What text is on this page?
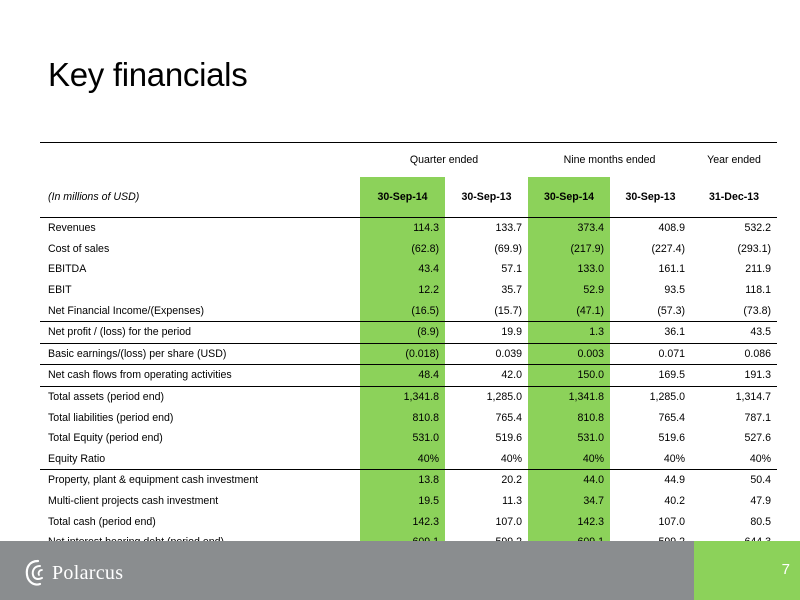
Key financials
	Quarter ended		Nine months ended		Year ended
(In millions of USD)	30-Sep-14	30-Sep-13	30-Sep-14	30-Sep-13	31-Dec-13
Revenues	114.3	133.7	373.4	408.9	532.2
Cost of sales	(62.8)	(69.9)	(217.9)	(227.4)	(293.1)
EBITDA	43.4	57.1	133.0	161.1	211.9
EBIT	12.2	35.7	52.9	93.5	118.1
Net Financial Income/(Expenses)	(16.5)	(15.7)	(47.1)	(57.3)	(73.8)
Net profit / (loss) for the period	(8.9)	19.9	1.3	36.1	43.5
Basic earnings/(loss) per share (USD)	(0.018)	0.039	0.003	0.071	0.086
Net cash flows from operating activities	48.4	42.0	150.0	169.5	191.3
Total assets (period end)	1,341.8	1,285.0	1,341.8	1,285.0	1,314.7
Total liabilities (period end)	810.8	765.4	810.8	765.4	787.1
Total Equity (period end)	531.0	519.6	531.0	519.6	527.6
Equity Ratio	40%	40%	40%	40%	40%
Property, plant & equipment cash investment	13.8	20.2	44.0	44.9	50.4
Multi-client projects cash investment	19.5	11.3	34.7	40.2	47.9
Total cash (period end)	142.3	107.0	142.3	107.0	80.5

Polarcus	7
